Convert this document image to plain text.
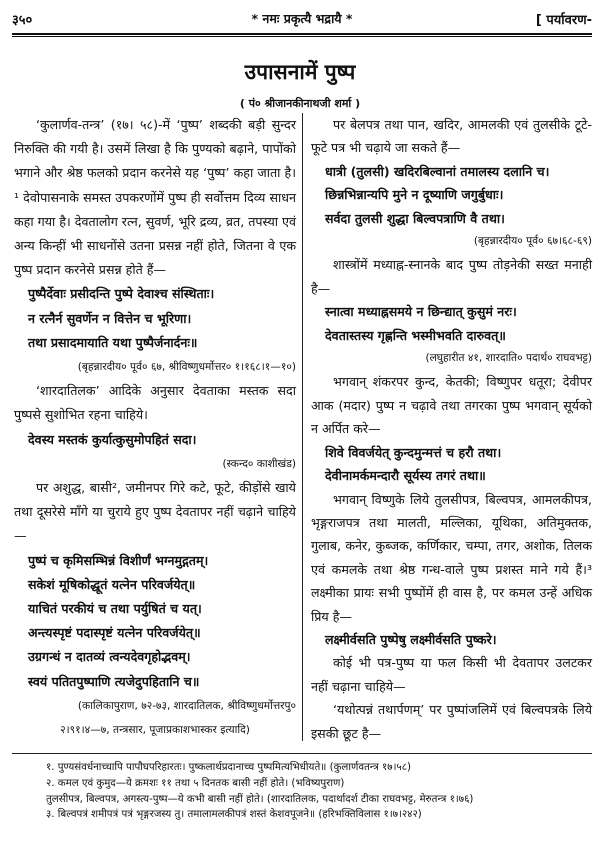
३५०	* नमः प्रकृत्यै भद्रायै *	[ पर्यावरण-
उपासनामें पुष्प
( पं० श्रीजानकीनाथजी शर्मा )

‘कुलार्णव-तन्त्र’ (१७। ५८)-में ‘पुष्प’ शब्दकी बड़ी सुन्दर निरुक्ति की गयी है। उसमें लिखा है कि पुण्यको बढ़ाने, पापोंको भगाने और श्रेष्ठ फलको प्रदान करनेसे यह ‘पुष्प’ कहा जाता है।¹ देवोपासनाके समस्त उपकरणोंमें पुष्प ही सर्वोत्तम दिव्य साधन कहा गया है। देवतालोग रत्न, सुवर्ण, भूरि द्रव्य, व्रत, तपस्या एवं अन्य किन्हीं भी साधनोंसे उतना प्रसन्न नहीं होते, जितना वे एक पुष्प प्रदान करनेसे प्रसन्न होते हैं—

पुष्पैर्देवाः प्रसीदन्ति पुष्पे देवाश्च संस्थिताः।

न रत्नैर्न सुवर्णेन न वित्तेन च भूरिणा।

तथा प्रसादमायाति यथा पुष्पैर्जनार्दनः॥

(बृहन्नारदीय० पूर्व० ६७, श्रीविष्णुधर्मोत्तर० १।१६८।१—१०)

‘शारदातिलक’ आदिके अनुसार देवताका मस्तक सदा पुष्पसे सुशोभित रहना चाहिये।

देवस्य मस्तकं कुर्यात्कुसुमोपहितं सदा।

(स्कन्द० काशीखंड)

पर अशुद्ध, बासी², जमीनपर गिरे कटे, फूटे, कीड़ोंसे खाये तथा दूसरेसे माँगे या चुराये हुए पुष्प देवतापर नहीं चढ़ाने चाहिये—

पुष्पं च कृमिसम्भिन्नं विशीर्णं भग्नमुद्गतम्।

सकेशं मूषिकोद्धूतं यत्नेन परिवर्जयेत्॥

याचितं परकीयं च तथा पर्युषितं च यत्।

अन्त्यस्पृष्टं पदास्पृष्टं यत्नेन परिवर्जयेत्॥

उग्रगन्धं न दातव्यं त्वन्यदेवगृहोद्भवम्।

स्वयं पतितपुष्पाणि त्यजेदुपहितानि च॥

(कालिकापुराण, ७२-७३, शारदातिलक, श्रीविष्णुधर्मोत्तरपु०

२।९१।४—७, तन्त्रसार, पूजाप्रकाशभास्कर इत्यादि)

पर बेलपत्र तथा पान, खदिर, आमलकी एवं तुलसीके टूटे-फूटे पत्र भी चढ़ाये जा सकते हैं—

धात्री (तुलसी) खदिरबिल्वानां तमालस्य दलानि च।

छिन्नभिन्नान्यपि मुने न दूष्याणि जगुर्बुधाः।

सर्वदा तुलसी शुद्धा बिल्वपत्राणि वै तथा।

(बृहन्नारदीय० पूर्व० ६७।६८-६९)

शास्त्रोंमें मध्याह्न-स्नानके बाद पुष्प तोड़नेकी सख्त मनाही है—

स्नात्वा मध्याह्नसमये न छिन्द्यात् कुसुमं नरः।

देवतास्तस्य गृह्णन्ति भस्मीभवति दारुवत्॥

(लघुहारीत ४१, शारदाति० पदार्थ० राघवभट्ट)

भगवान् शंकरपर कुन्द, केतकी; विष्णुपर धतूरा; देवीपर आक (मदार) पुष्प न चढ़ावे तथा तगरका पुष्प भगवान् सूर्यको न अर्पित करे—

शिवे विवर्जयेत् कुन्दमुन्मत्तं च हरौ तथा।

देवीनामर्कमन्दारौ सूर्यस्य तगरं तथा॥

भगवान् विष्णुके लिये तुलसीपत्र, बिल्वपत्र, आमलकीपत्र, भृङ्गराजपत्र तथा मालती, मल्लिका, यूथिका, अतिमुक्तक, गुलाब, कनेर, कुब्जक, कर्णिकार, चम्पा, तगर, अशोक, तिलक एवं कमलके तथा श्रेष्ठ गन्ध-वाले पुष्प प्रशस्त माने गये हैं।³ लक्ष्मीका प्रायः सभी पुष्पोंमें ही वास है, पर कमल उन्हें अधिक प्रिय है—

लक्ष्मीर्वसति पुष्पेषु लक्ष्मीर्वसति पुष्करे।

कोई भी पत्र-पुष्प या फल किसी भी देवतापर उलटकर नहीं चढ़ाना चाहिये—

‘यथोत्पन्नं तथार्पणम्’ पर पुष्पांजलिमें एवं बिल्वपत्रके लिये इसकी छूट है—

१. पुण्यसंवर्धनाच्चापि पापौघपरिहारतः। पुष्कलार्थप्रदानाच्च पुष्पमित्यभिधीयते॥ (कुलार्णवतन्त्र १७।५८)
२. कमल एवं कुमुद—ये क्रमशः ११ तथा ५ दिनतक बासी नहीं होते। (भविष्यपुराण)
तुलसीपत्र, बिल्वपत्र, अगस्त्य-पुष्प—ये कभी बासी नहीं होते। (शारदातिलक, पदार्थादर्श टीका राघवभट्ट, मेरुतन्त्र १।७६)
३. बिल्वपत्रं शमीपत्रं पत्रं भृङ्गरजस्य तु। तमालामलकीपत्रं शस्तं केशवपूजने॥ (हरिभक्तिविलास १।७।२४२)
